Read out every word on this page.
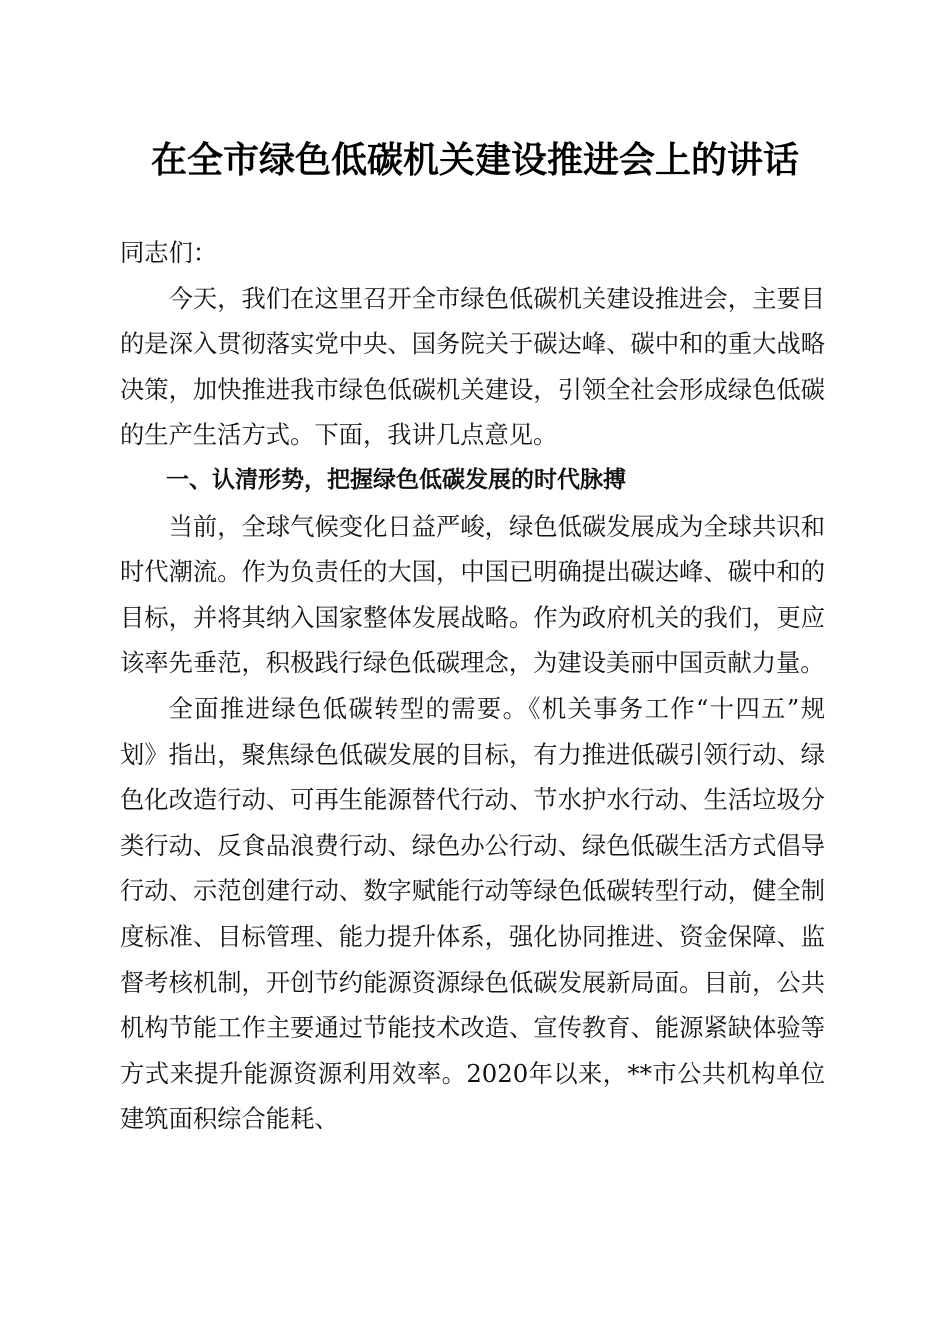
在全市绿色低碳机关建设推进会上的讲话

同志们：

今天，我们在这里召开全市绿色低碳机关建设推进会，主要目的是深入贯彻落实党中央、国务院关于碳达峰、碳中和的重大战略决策，加快推进我市绿色低碳机关建设，引领全社会形成绿色低碳的生产生活方式。下面，我讲几点意见。

一、认清形势，把握绿色低碳发展的时代脉搏

当前，全球气候变化日益严峻，绿色低碳发展成为全球共识和时代潮流。作为负责任的大国，中国已明确提出碳达峰、碳中和的目标，并将其纳入国家整体发展战略。作为政府机关的我们，更应该率先垂范，积极践行绿色低碳理念，为建设美丽中国贡献力量。

全面推进绿色低碳转型的需要。《机关事务工作“十四五”规划》指出，聚焦绿色低碳发展的目标，有力推进低碳引领行动、绿色化改造行动、可再生能源替代行动、节水护水行动、生活垃圾分类行动、反食品浪费行动、绿色办公行动、绿色低碳生活方式倡导行动、示范创建行动、数字赋能行动等绿色低碳转型行动，健全制度标准、目标管理、能力提升体系，强化协同推进、资金保障、监督考核机制，开创节约能源资源绿色低碳发展新局面。目前，公共机构节能工作主要通过节能技术改造、宣传教育、能源紧缺体验等方式来提升能源资源利用效率。2020年以来，**市公共机构单位建筑面积综合能耗、
